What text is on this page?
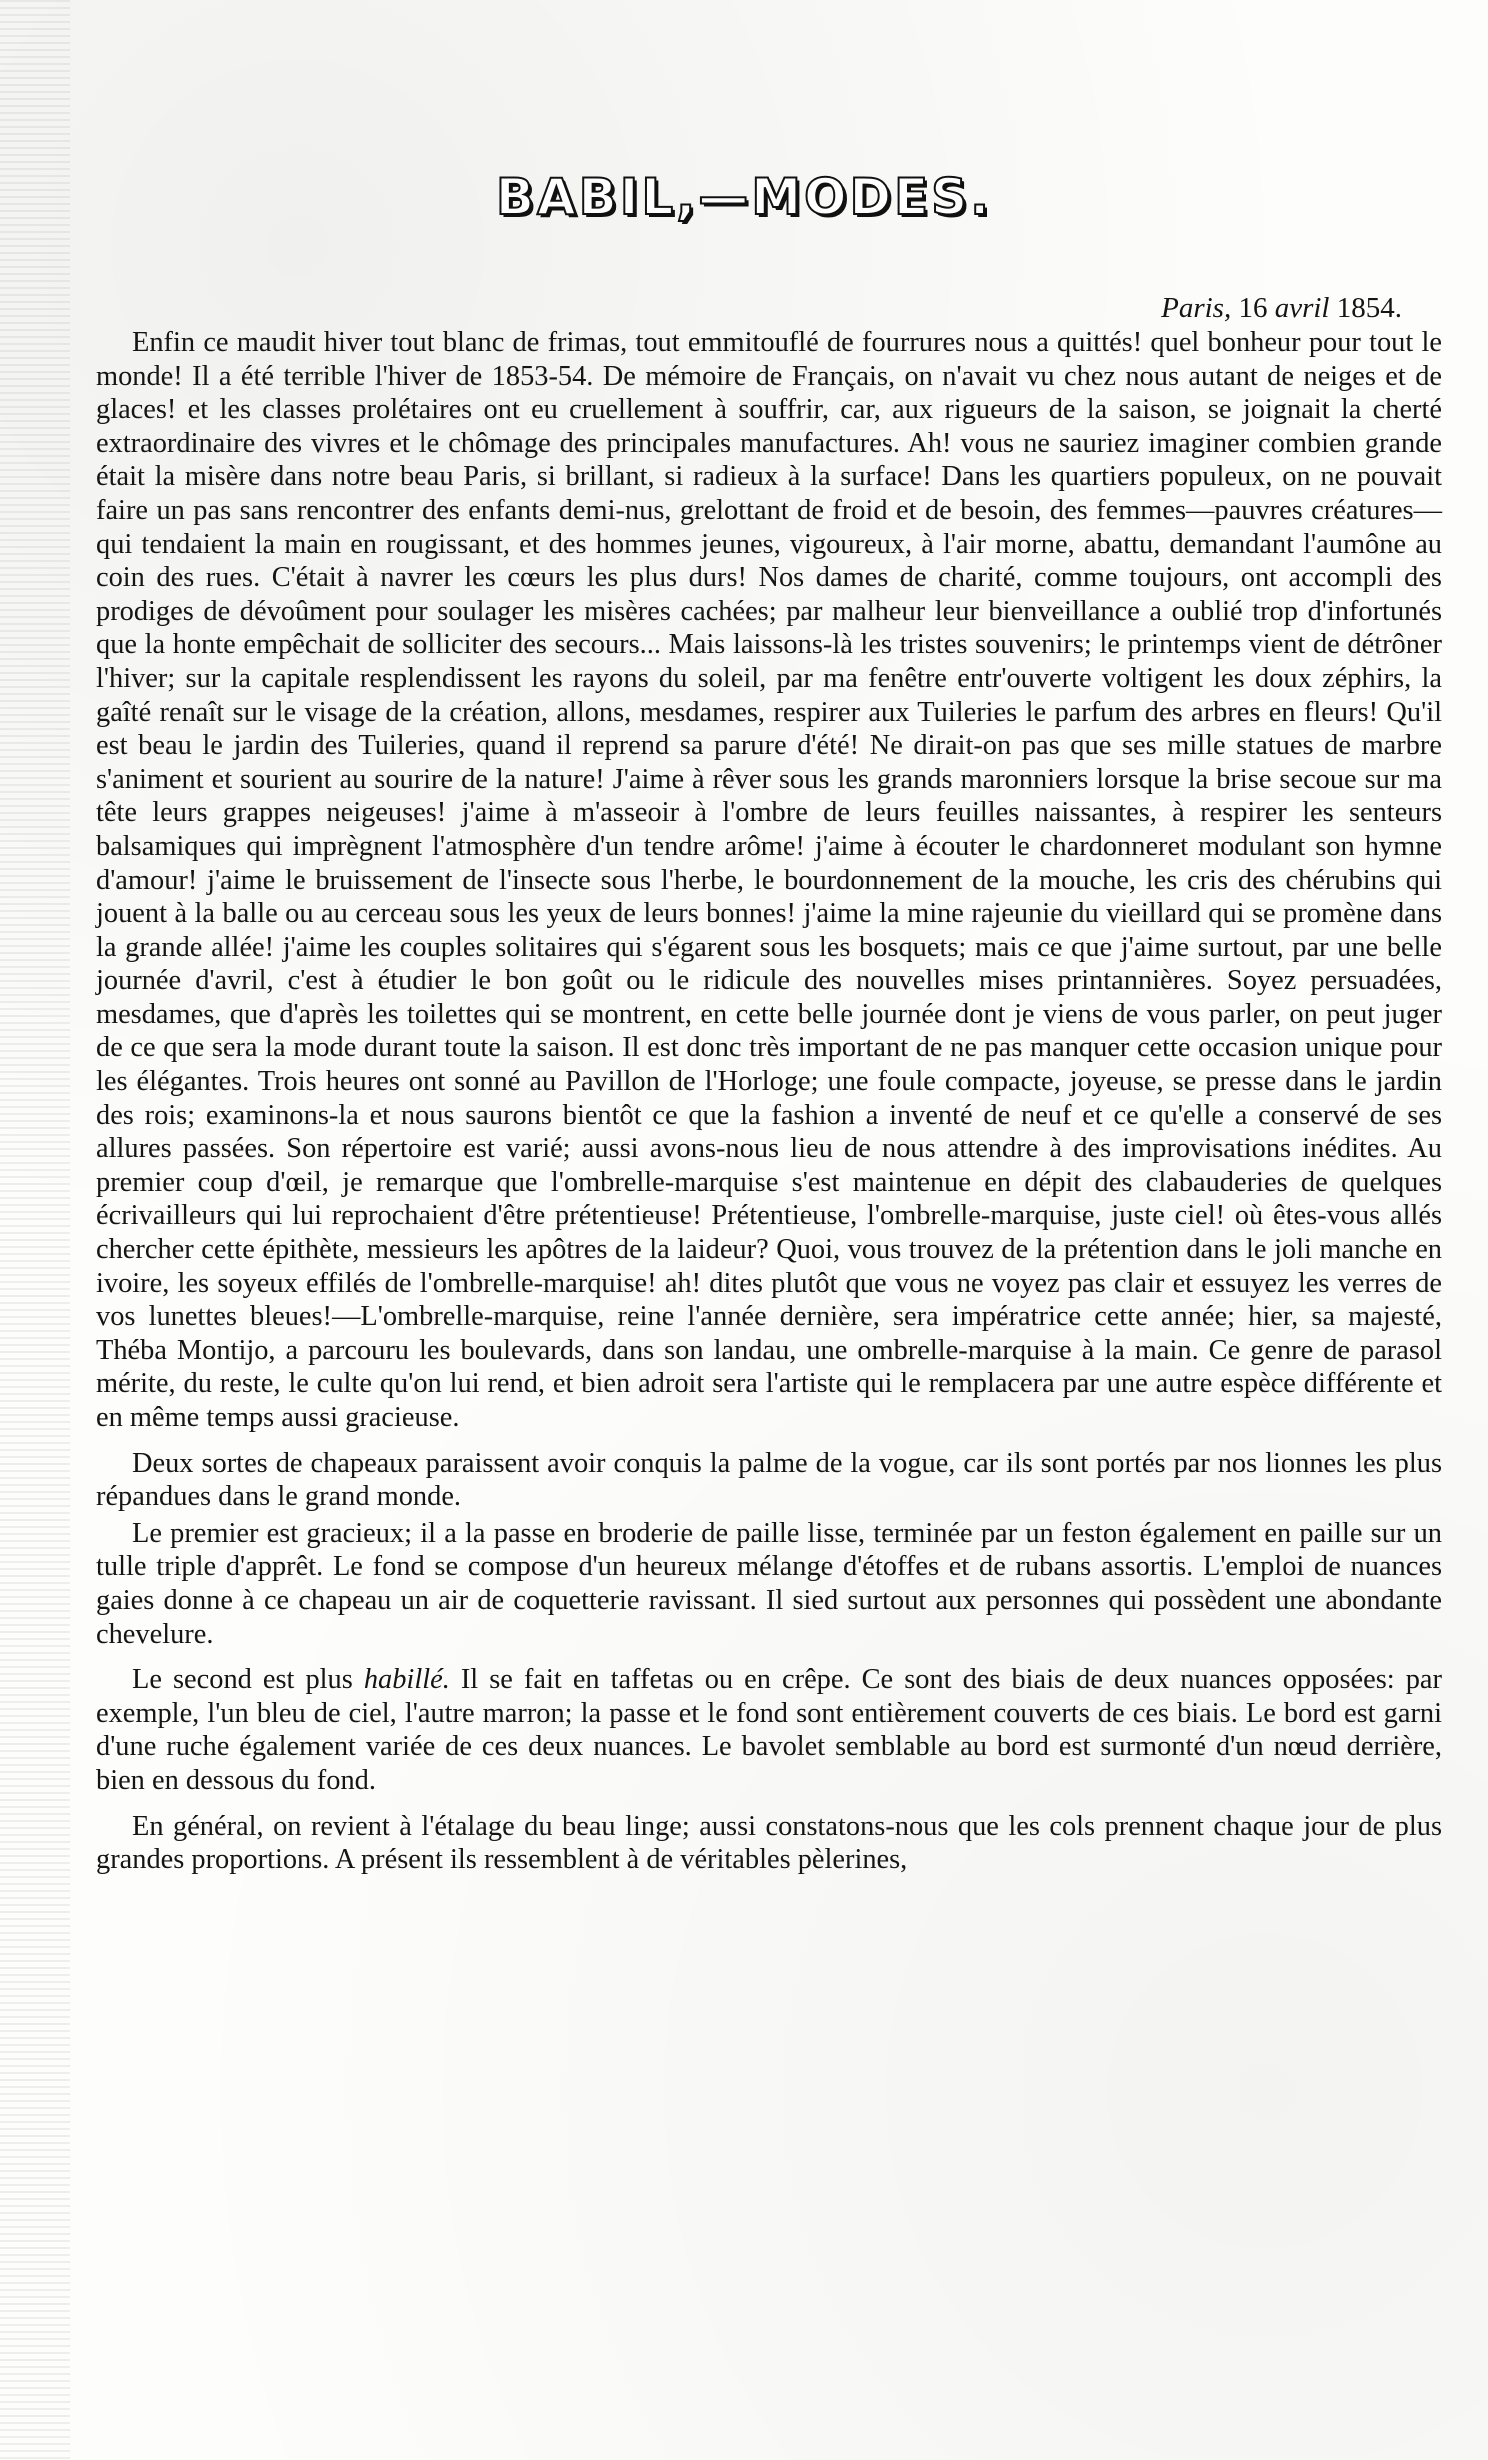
BABIL,—MODES.
Paris, 16 avril 1854.

Enfin ce maudit hiver tout blanc de frimas, tout emmitouflé de fourrures nous a quittés! quel bonheur pour tout le monde! Il a été terrible l'hiver de 1853-54. De mémoire de Français, on n'avait vu chez nous autant de neiges et de glaces! et les classes prolétaires ont eu cruellement à souffrir, car, aux rigueurs de la saison, se joignait la cherté extraordinaire des vivres et le chômage des principales manufactures. Ah! vous ne sauriez imaginer combien grande était la misère dans notre beau Paris, si brillant, si radieux à la surface! Dans les quartiers populeux, on ne pouvait faire un pas sans rencontrer des enfants demi-nus, grelottant de froid et de besoin, des femmes—pauvres créatures—qui tendaient la main en rougissant, et des hommes jeunes, vigoureux, à l'air morne, abattu, demandant l'aumône au coin des rues. C'était à navrer les cœurs les plus durs! Nos dames de charité, comme toujours, ont accompli des prodiges de dévoûment pour soulager les misères cachées; par malheur leur bienveillance a oublié trop d'infortunés que la honte empêchait de solliciter des secours... Mais laissons-là les tristes souvenirs; le printemps vient de détrôner l'hiver; sur la capitale resplendissent les rayons du soleil, par ma fenêtre entr'ouverte voltigent les doux zéphirs, la gaîté renaît sur le visage de la création, allons, mesdames, respirer aux Tuileries le parfum des arbres en fleurs! Qu'il est beau le jardin des Tuileries, quand il reprend sa parure d'été! Ne dirait-on pas que ses mille statues de marbre s'animent et sourient au sourire de la nature! J'aime à rêver sous les grands maronniers lorsque la brise secoue sur ma tête leurs grappes neigeuses! j'aime à m'asseoir à l'ombre de leurs feuilles naissantes, à respirer les senteurs balsamiques qui imprègnent l'atmosphère d'un tendre arôme! j'aime à écouter le chardonneret modulant son hymne d'amour! j'aime le bruissement de l'insecte sous l'herbe, le bourdonnement de la mouche, les cris des chérubins qui jouent à la balle ou au cerceau sous les yeux de leurs bonnes! j'aime la mine rajeunie du vieillard qui se promène dans la grande allée! j'aime les couples solitaires qui s'égarent sous les bosquets; mais ce que j'aime surtout, par une belle journée d'avril, c'est à étudier le bon goût ou le ridicule des nouvelles mises printannières. Soyez persuadées, mesdames, que d'après les toilettes qui se montrent, en cette belle journée dont je viens de vous parler, on peut juger de ce que sera la mode durant toute la saison. Il est donc très important de ne pas manquer cette occasion unique pour les élégantes. Trois heures ont sonné au Pavillon de l'Horloge; une foule compacte, joyeuse, se presse dans le jardin des rois; examinons-la et nous saurons bientôt ce que la fashion a inventé de neuf et ce qu'elle a conservé de ses allures passées. Son répertoire est varié; aussi avons-nous lieu de nous attendre à des improvisations inédites. Au premier coup d'œil, je remarque que l'ombrelle-marquise s'est maintenue en dépit des clabauderies de quelques écrivailleurs qui lui reprochaient d'être prétentieuse! Prétentieuse, l'ombrelle-marquise, juste ciel! où êtes-vous allés chercher cette épithète, messieurs les apôtres de la laideur? Quoi, vous trouvez de la prétention dans le joli manche en ivoire, les soyeux effilés de l'ombrelle-marquise! ah! dites plutôt que vous ne voyez pas clair et essuyez les verres de vos lunettes bleues!—L'ombrelle-marquise, reine l'année dernière, sera impératrice cette année; hier, sa majesté, Théba Montijo, a parcouru les boulevards, dans son landau, une ombrelle-marquise à la main. Ce genre de parasol mérite, du reste, le culte qu'on lui rend, et bien adroit sera l'artiste qui le remplacera par une autre espèce différente et en même temps aussi gracieuse.

Deux sortes de chapeaux paraissent avoir conquis la palme de la vogue, car ils sont portés par nos lionnes les plus répandues dans le grand monde.

Le premier est gracieux; il a la passe en broderie de paille lisse, terminée par un feston également en paille sur un tulle triple d'apprêt. Le fond se compose d'un heureux mélange d'étoffes et de rubans assortis. L'emploi de nuances gaies donne à ce chapeau un air de coquetterie ravissant. Il sied surtout aux personnes qui possèdent une abondante chevelure.

Le second est plus habillé. Il se fait en taffetas ou en crêpe. Ce sont des biais de deux nuances opposées: par exemple, l'un bleu de ciel, l'autre marron; la passe et le fond sont entièrement couverts de ces biais. Le bord est garni d'une ruche également variée de ces deux nuances. Le bavolet semblable au bord est surmonté d'un nœud derrière, bien en dessous du fond.

En général, on revient à l'étalage du beau linge; aussi constatons-nous que les cols prennent chaque jour de plus grandes proportions. A présent ils ressemblent à de véritables pèlerines,
